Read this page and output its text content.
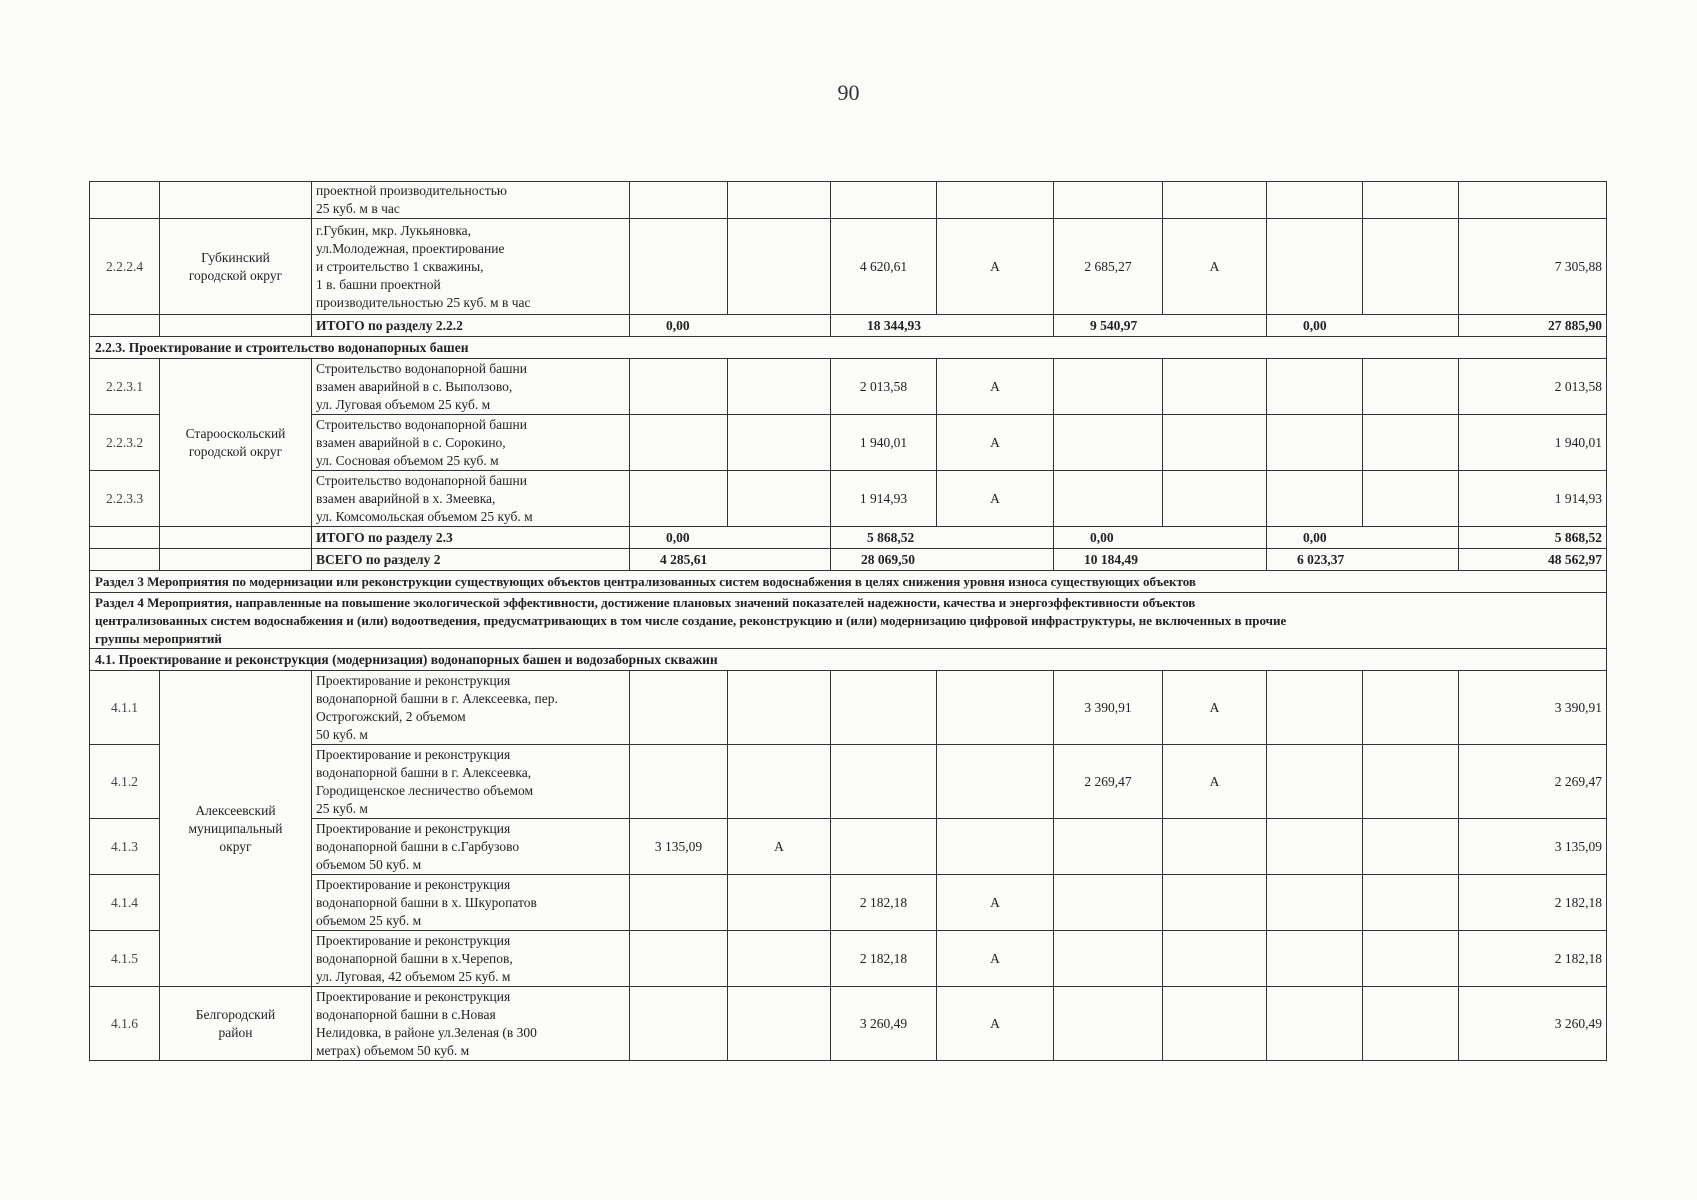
90
		проектной производительностью
25 куб. м в час									
2.2.2.4	Губкинский
городской округ	г.Губкин, мкр. Лукьяновка,
ул.Молодежная, проектирование
и строительство 1 скважины,
1 в. башни проектной
производительностью 25 куб. м в час			4 620,61	А	2 685,27	А			7 305,88
		ИТОГО по разделу 2.2.2	0,00		18 344,93		9 540,97		0,00		27 885,90
2.2.3. Проектирование и строительство водонапорных башен											
2.2.3.1	Старооскольский
городской округ	Строительство водонапорной башни
взамен аварийной в с. Выползово,
ул. Луговая объемом 25 куб. м			2 013,58	А					2 013,58
2.2.3.2		Строительство водонапорной башни
взамен аварийной в с. Сорокино,
ул. Сосновая объемом 25 куб. м			1 940,01	А					1 940,01
2.2.3.3		Строительство водонапорной башни
взамен аварийной в х. Змеевка,
ул. Комсомольская объемом 25 куб. м			1 914,93	А					1 914,93
		ИТОГО по разделу 2.3	0,00		5 868,52		0,00		0,00		5 868,52
		ВСЕГО по разделу 2	4 285,61		28 069,50		10 184,49		6 023,37		48 562,97
Раздел 3 Мероприятия по модернизации или реконструкции существующих объектов централизованных систем водоснабжения в целях снижения уровня износа существующих объектов											
Раздел 4 Мероприятия, направленные на повышение экологической эффективности, достижение плановых значений показателей надежности, качества и энергоэффективности объектов
централизованных систем водоснабжения и (или) водоотведения, предусматривающих в том числе создание, реконструкцию и (или) модернизацию цифровой инфраструктуры, не включенных в прочие
группы мероприятий											
4.1. Проектирование и реконструкция (модернизация) водонапорных башен и водозаборных скважин											
4.1.1	Алексеевский
муниципальный
округ	Проектирование и реконструкция
водонапорной башни в г. Алексеевка, пер.
Острогожский, 2 объемом
50 куб. м					3 390,91	А			3 390,91
4.1.2		Проектирование и реконструкция
водонапорной башни в г. Алексеевка,
Городищенское лесничество объемом
25 куб. м					2 269,47	А			2 269,47
4.1.3		Проектирование и реконструкция
водонапорной башни в с.Гарбузово
объемом 50 куб. м	3 135,09	А							3 135,09
4.1.4		Проектирование и реконструкция
водонапорной башни в х. Шкуропатов
объемом 25 куб. м			2 182,18	А					2 182,18
4.1.5		Проектирование и реконструкция
водонапорной башни в х.Черепов,
ул. Луговая, 42 объемом 25 куб. м			2 182,18	А					2 182,18
4.1.6	Белгородский
район	Проектирование и реконструкция
водонапорной башни в с.Новая
Нелидовка, в районе ул.Зеленая (в 300
метрах) объемом 50 куб. м			3 260,49	А					3 260,49
